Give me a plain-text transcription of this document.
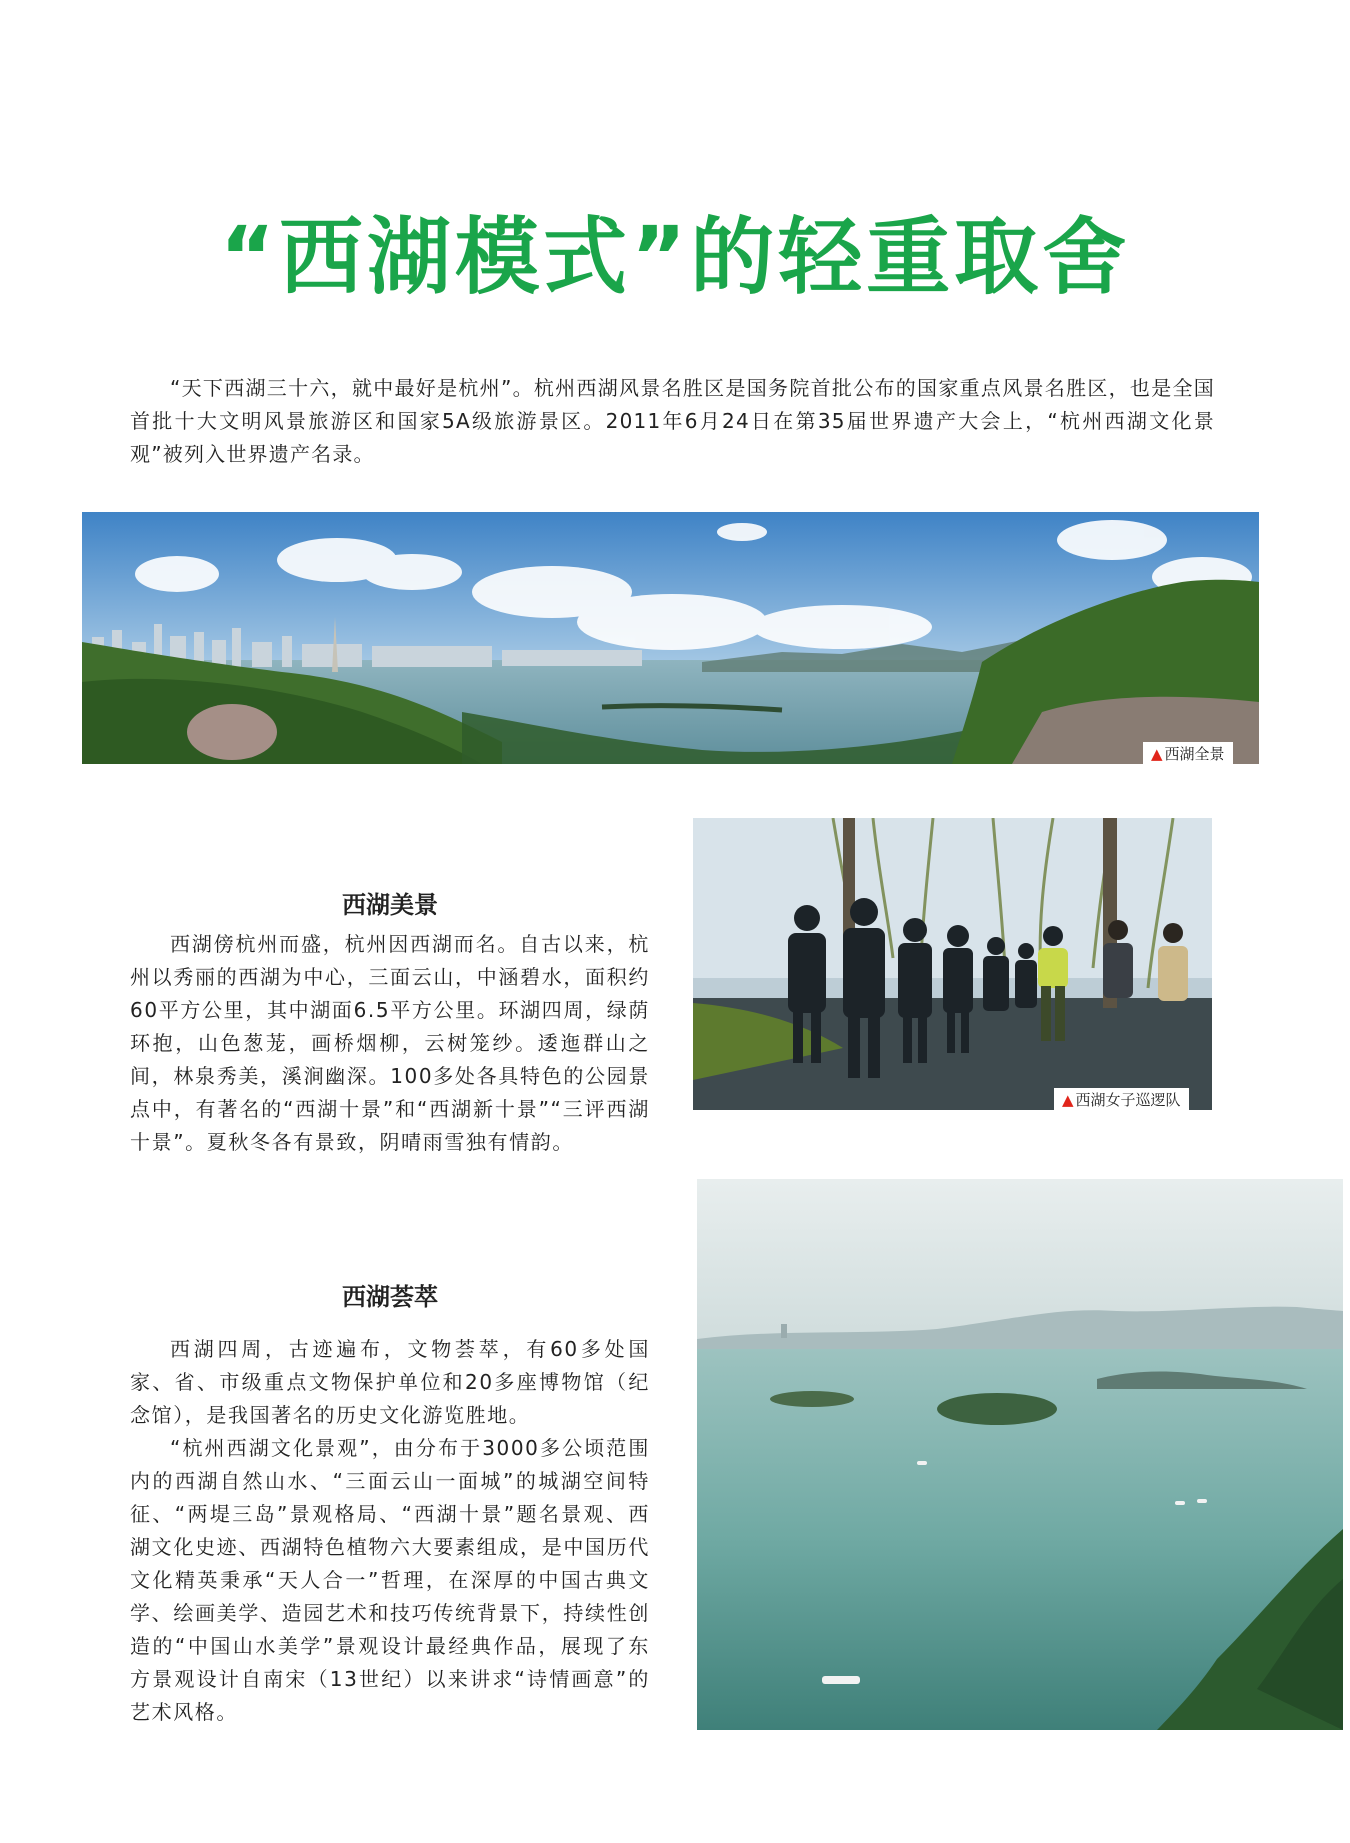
“西湖模式”的轻重取舍

“天下西湖三十六，就中最好是杭州”。杭州西湖风景名胜区是国务院首批公布的国家重点风景名胜区，也是全国首批十大文明风景旅游区和国家5A级旅游景区。2011年6月24日在第35届世界遗产大会上，“杭州西湖文化景观”被列入世界遗产名录。

▲ 西湖全景
▲ 西湖女子巡逻队
西湖美景

西湖傍杭州而盛，杭州因西湖而名。自古以来，杭州以秀丽的西湖为中心，三面云山，中涵碧水，面积约60平方公里，其中湖面6.5平方公里。环湖四周，绿荫环抱，山色葱茏，画桥烟柳，云树笼纱。逶迤群山之间，林泉秀美，溪涧幽深。100多处各具特色的公园景点中，有著名的“西湖十景”和“西湖新十景”“三评西湖十景”。夏秋冬各有景致，阴晴雨雪独有情韵。

西湖荟萃

西湖四周，古迹遍布，文物荟萃，有60多处国家、省、市级重点文物保护单位和20多座博物馆（纪念馆），是我国著名的历史文化游览胜地。

“杭州西湖文化景观”，由分布于3000多公顷范围内的西湖自然山水、“三面云山一面城”的城湖空间特征、“两堤三岛”景观格局、“西湖十景”题名景观、西湖文化史迹、西湖特色植物六大要素组成，是中国历代文化精英秉承“天人合一”哲理，在深厚的中国古典文学、绘画美学、造园艺术和技巧传统背景下，持续性创造的“中国山水美学”景观设计最经典作品，展现了东方景观设计自南宋（13世纪）以来讲求“诗情画意”的艺术风格。
